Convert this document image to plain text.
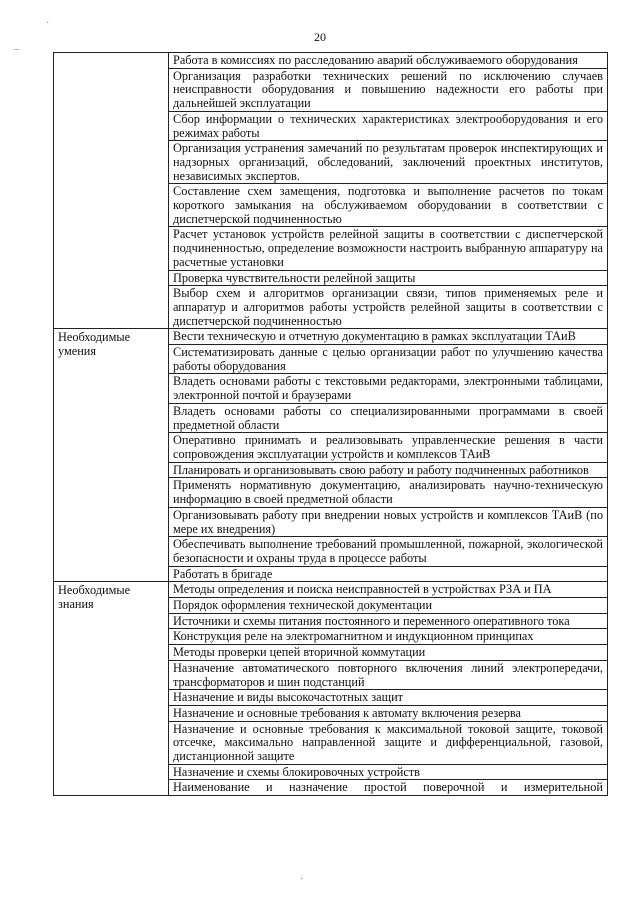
20
·
–
·
	Работа в комиссиях по расследованию аварий обслуживаемого оборудования
	Организация разработки технических решений по исключению случаев неисправности оборудования и повышению надежности его работы при дальнейшей эксплуатации
	Сбор информации о технических характеристиках электрооборудования и его режимах работы
	Организация устранения замечаний по результатам проверок инспектирующих и надзорных организаций, обследований, заключений проектных институтов, независимых экспертов.
	Составление схем замещения, подготовка и выполнение расчетов по токам короткого замыкания на обслуживаемом оборудовании в соответствии с диспетчерской подчиненностью
	Расчет установок устройств релейной защиты в соответствии с диспетчерской подчиненностью, определение возможности настроить выбранную аппаратуру на расчетные установки
	Проверка чувствительности релейной защиты
	Выбор схем и алгоритмов организации связи, типов применяемых реле и аппаратур и алгоритмов работы устройств релейной защиты в соответствии с диспетчерской подчиненностью
Необходимые умения	Вести техническую и отчетную документацию в рамках эксплуатации ТАиВ
	Систематизировать данные с целью организации работ по улучшению качества работы оборудования
	Владеть основами работы с текстовыми редакторами, электронными таблицами, электронной почтой и браузерами
	Владеть основами работы со специализированными программами в своей предметной области
	Оперативно принимать и реализовывать управленческие решения в части сопровождения эксплуатации устройств и комплексов ТАиВ
	Планировать и организовывать свою работу и работу подчиненных работников
	Применять нормативную документацию, анализировать научно-техническую информацию в своей предметной области
	Организовывать работу при внедрении новых устройств и комплексов ТАиВ (по мере их внедрения)
	Обеспечивать выполнение требований промышленной, пожарной, экологической безопасности и охраны труда в процессе работы
	Работать в бригаде
Необходимые знания	Методы определения и поиска неисправностей в устройствах РЗА и ПА
	Порядок оформления технической документации
	Источники и схемы питания постоянного и переменного оперативного тока
	Конструкция реле на электромагнитном и индукционном принципах
	Методы проверки цепей вторичной коммутации
	Назначение автоматического повторного включения линий электропередачи, трансформаторов и шин подстанций
	Назначение и виды высокочастотных защит
	Назначение и основные требования к автомату включения резерва
	Назначение и основные требования к максимальной токовой защите, токовой отсечке, максимально направленной защите и дифференциальной, газовой, дистанционной защите
	Назначение и схемы блокировочных устройств
	Наименование и назначение простой поверочной и измерительной
